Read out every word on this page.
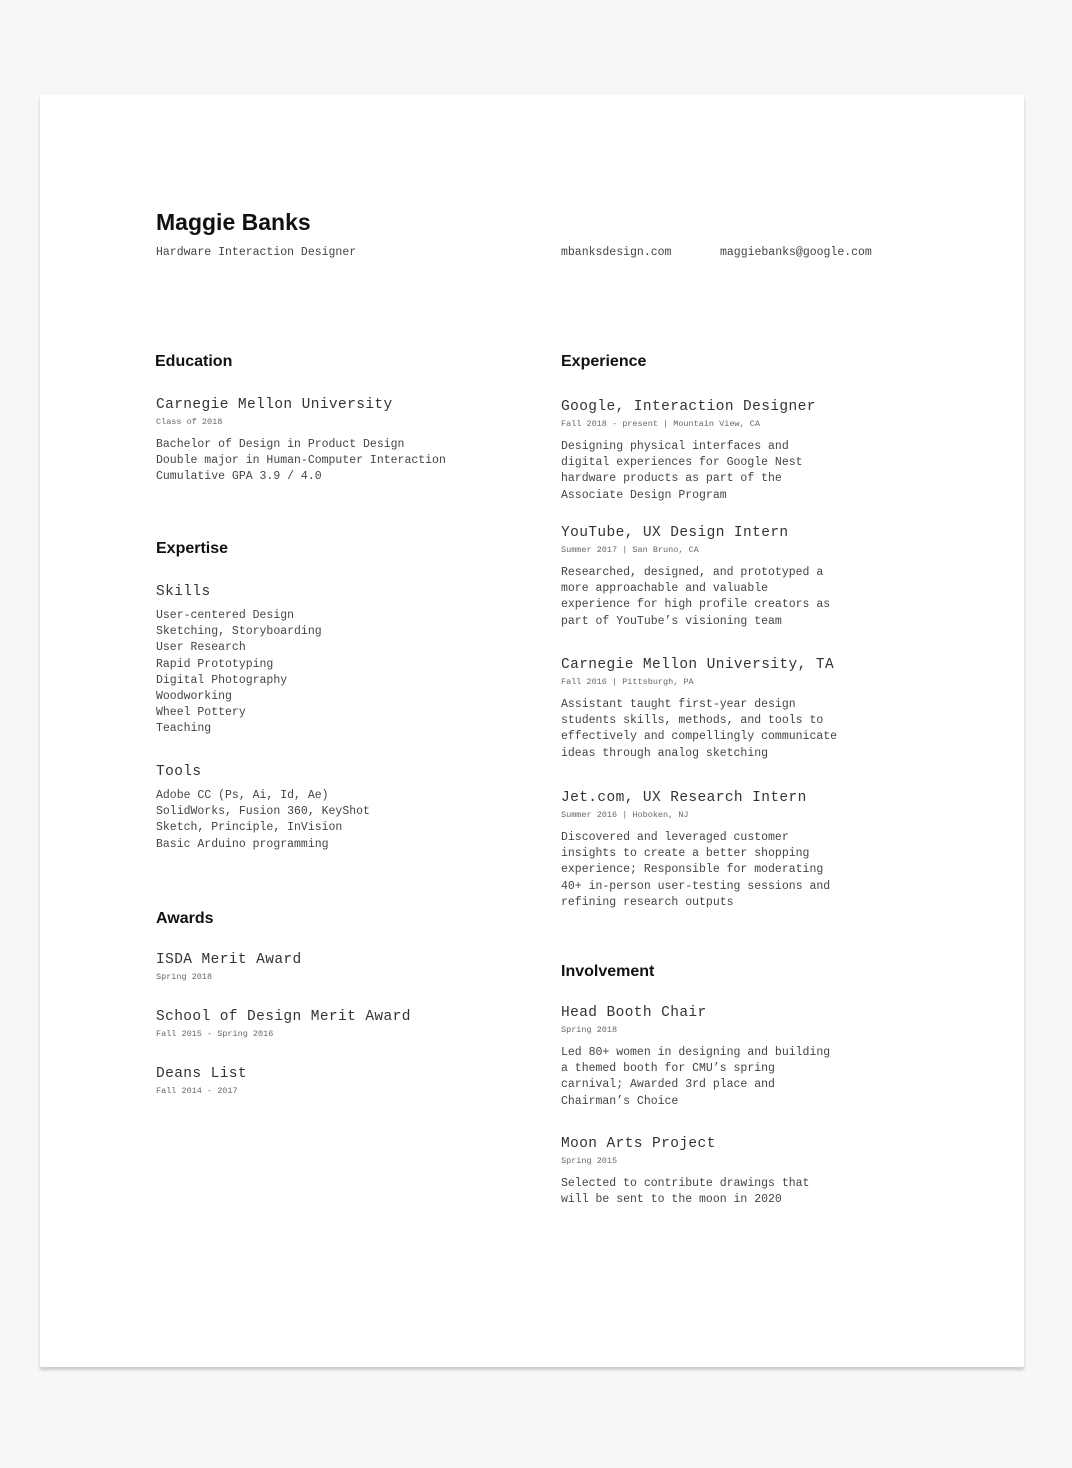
Maggie Banks

Hardware Interaction Designer	mbanksdesign.com	maggiebanks@google.com

Education

Carnegie Mellon University

Class of 2018

Bachelor of Design in Product Design
Double major in Human-Computer Interaction
Cumulative GPA 3.9 / 4.0
Expertise

Skills

User-centered Design
Sketching, Storyboarding
User Research
Rapid Prototyping
Digital Photography
Woodworking
Wheel Pottery
Teaching

Tools

Adobe CC (Ps, Ai, Id, Ae)
SolidWorks, Fusion 360, KeyShot
Sketch, Principle, InVision
Basic Arduino programming
Awards

ISDA Merit Award

Spring 2018

School of Design Merit Award

Fall 2015 - Spring 2016

Deans List

Fall 2014 - 2017

Experience

Google, Interaction Designer

Fall 2018 - present | Mountain View, CA

Designing physical interfaces and
digital experiences for Google Nest
hardware products as part of the
Associate Design Program

YouTube, UX Design Intern

Summer 2017 | San Bruno, CA

Researched, designed, and prototyped a
more approachable and valuable
experience for high profile creators as
part of YouTube’s visioning team

Carnegie Mellon University, TA

Fall 2016 | Pittsburgh, PA

Assistant taught first-year design
students skills, methods, and tools to
effectively and compellingly communicate
ideas through analog sketching

Jet.com, UX Research Intern

Summer 2016 | Hoboken, NJ

Discovered and leveraged customer
insights to create a better shopping
experience; Responsible for moderating
40+ in-person user-testing sessions and
refining research outputs

Involvement

Head Booth Chair

Spring 2018

Led 80+ women in designing and building
a themed booth for CMU’s spring
carnival; Awarded 3rd place and
Chairman’s Choice

Moon Arts Project

Spring 2015

Selected to contribute drawings that
will be sent to the moon in 2020
